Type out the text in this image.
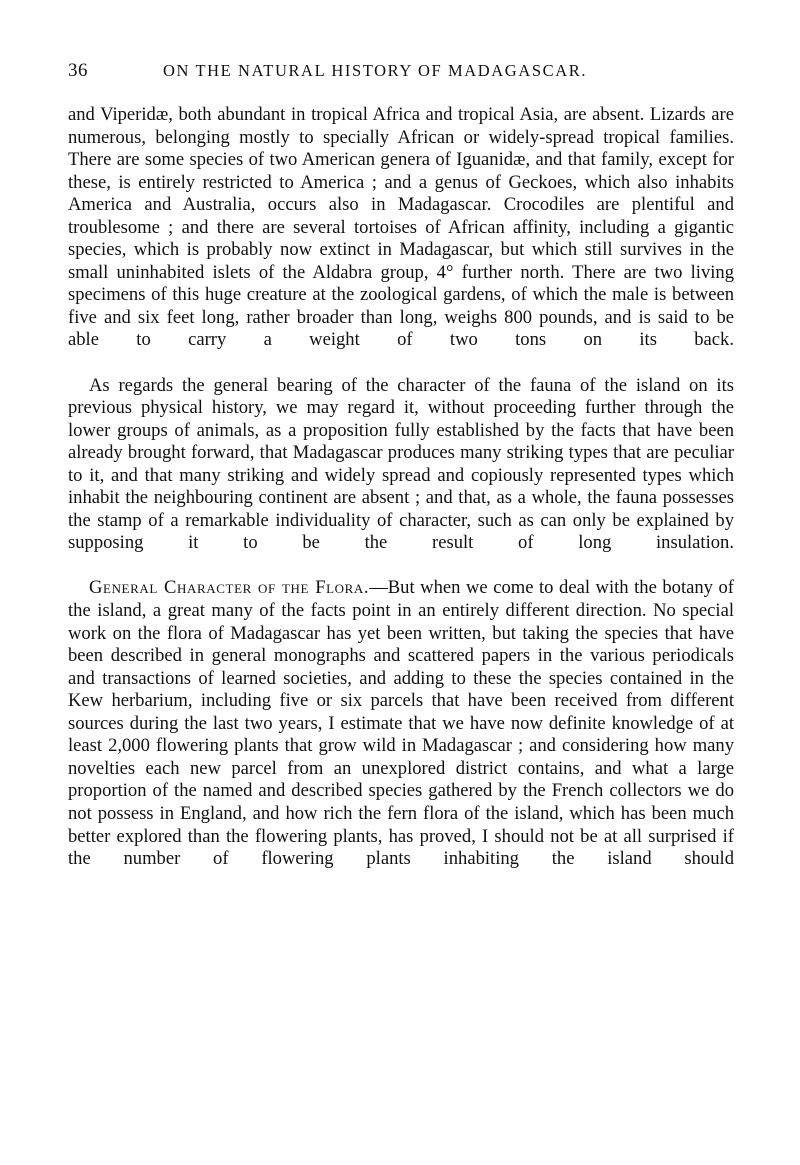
36	ON THE NATURAL HISTORY OF MADAGASCAR.

and Viperidæ, both abundant in tropical Africa and tropical Asia, are absent. Lizards are numerous, belonging mostly to specially African or widely-spread tropical families. There are some species of two American genera of Iguanidæ, and that family, except for these, is entirely restricted to America ; and a genus of Geckoes, which also inhabits America and Australia, occurs also in Madagascar. Crocodiles are plentiful and troublesome ; and there are several tortoises of African affinity, including a gigantic species, which is probably now extinct in Madagascar, but which still survives in the small uninhabited islets of the Aldabra group, 4° further north. There are two living specimens of this huge creature at the zoological gardens, of which the male is between five and six feet long, rather broader than long, weighs 800 pounds, and is said to be able to carry a weight of two tons on its back.

As regards the general bearing of the character of the fauna of the island on its previous physical history, we may regard it, without proceeding further through the lower groups of animals, as a proposition fully established by the facts that have been already brought forward, that Madagascar produces many striking types that are peculiar to it, and that many striking and widely spread and copiously represented types which inhabit the neighbouring continent are absent ; and that, as a whole, the fauna possesses the stamp of a remarkable individuality of character, such as can only be explained by supposing it to be the result of long insulation.

General Character of the Flora.—But when we come to deal with the botany of the island, a great many of the facts point in an entirely different direction. No special work on the flora of Madagascar has yet been written, but taking the species that have been described in general monographs and scattered papers in the various periodicals and transactions of learned societies, and adding to these the species contained in the Kew herbarium, including five or six parcels that have been received from different sources during the last two years, I estimate that we have now definite knowledge of at least 2,000 flowering plants that grow wild in Madagascar ; and considering how many novelties each new parcel from an unexplored district contains, and what a large proportion of the named and described species gathered by the French collectors we do not possess in England, and how rich the fern flora of the island, which has been much better explored than the flowering plants, has proved, I should not be at all surprised if the number of flowering plants inhabiting the island should
